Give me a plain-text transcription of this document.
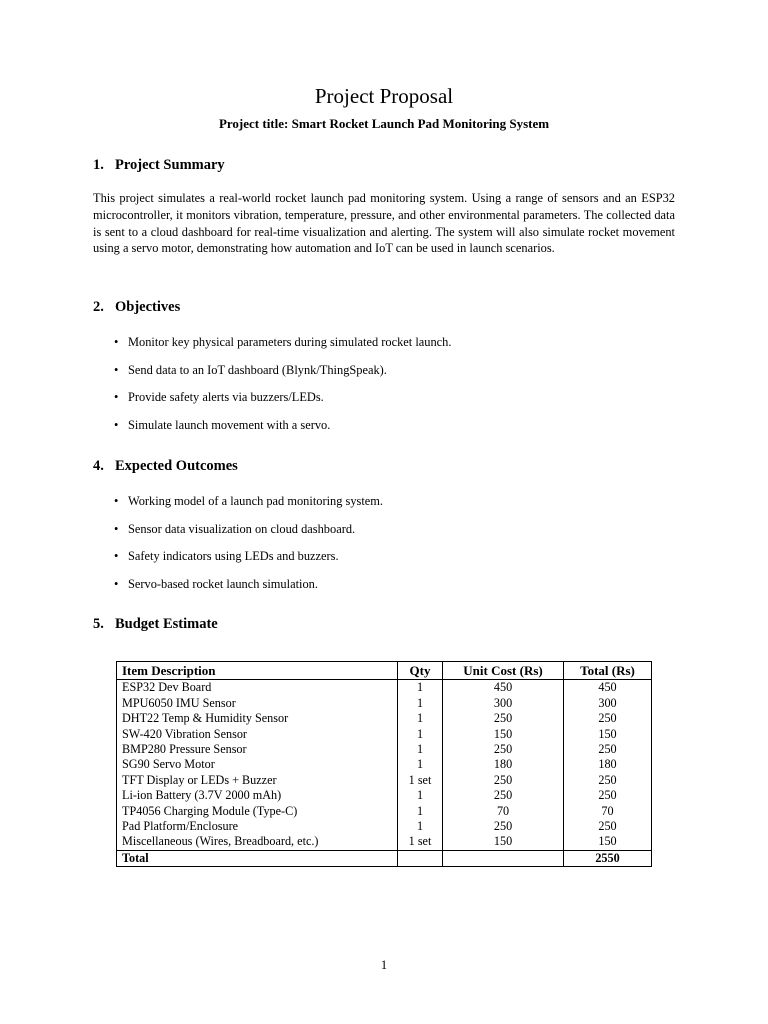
Project Proposal
Project title: Smart Rocket Launch Pad Monitoring System
1. Project Summary
This project simulates a real-world rocket launch pad monitoring system. Using a range of sensors and an ESP32 microcontroller, it monitors vibration, temperature, pressure, and other environmental parameters. The collected data is sent to a cloud dashboard for real-time visualization and alerting. The system will also simulate rocket movement using a servo motor, demonstrating how automation and IoT can be used in launch scenarios.
2. Objectives
• Monitor key physical parameters during simulated rocket launch.
• Send data to an IoT dashboard (Blynk/ThingSpeak).
• Provide safety alerts via buzzers/LEDs.
• Simulate launch movement with a servo.
4. Expected Outcomes
• Working model of a launch pad monitoring system.
• Sensor data visualization on cloud dashboard.
• Safety indicators using LEDs and buzzers.
• Servo-based rocket launch simulation.
5. Budget Estimate
Item Description	Qty	Unit Cost (Rs)	Total (Rs)
ESP32 Dev Board	1	450	450
MPU6050 IMU Sensor	1	300	300
DHT22 Temp & Humidity Sensor	1	250	250
SW-420 Vibration Sensor	1	150	150
BMP280 Pressure Sensor	1	250	250
SG90 Servo Motor	1	180	180
TFT Display or LEDs + Buzzer	1 set	250	250
Li-ion Battery (3.7V 2000 mAh)	1	250	250
TP4056 Charging Module (Type-C)	1	70	70
Pad Platform/Enclosure	1	250	250
Miscellaneous (Wires, Breadboard, etc.)	1 set	150	150
Total			2550
1
